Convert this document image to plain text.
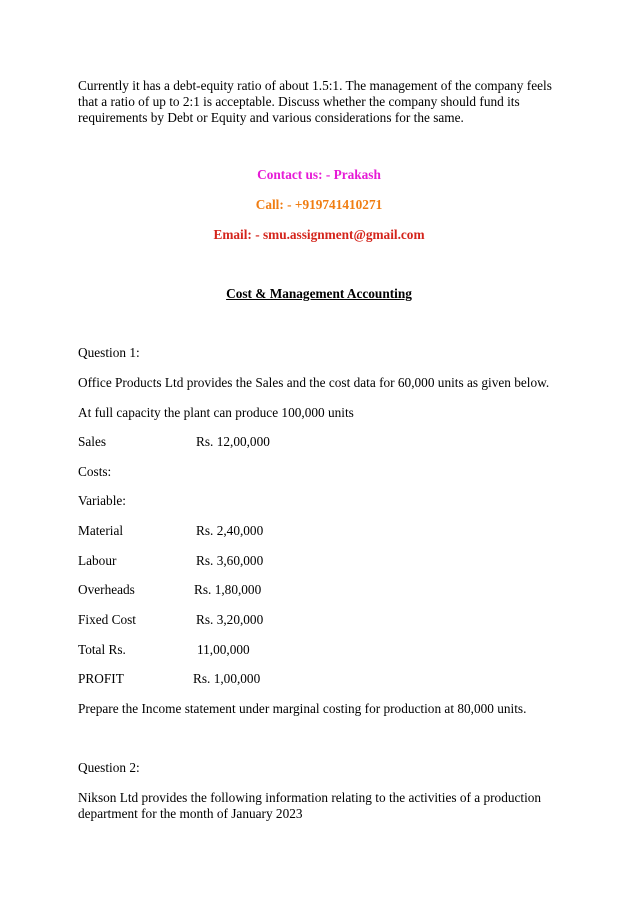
Currently it has a debt-equity ratio of about 1.5:1. The management of the company feels that a ratio of up to 2:1 is acceptable. Discuss whether the company should fund its requirements by Debt or Equity and various considerations for the same.
Contact us: - Prakash
Call: - +919741410271
Email: - smu.assignment@gmail.com
Cost & Management Accounting
Question 1:
Office Products Ltd provides the Sales and the cost data for 60,000 units as given below.
At full capacity the plant can produce 100,000 units
Sales	Rs. 12,00,000
Costs:
Variable:
Material	Rs. 2,40,000
Labour	Rs. 3,60,000
Overheads	Rs. 1,80,000
Fixed Cost	Rs. 3,20,000
Total Rs.	11,00,000
PROFIT	Rs. 1,00,000
Prepare the Income statement under marginal costing for production at 80,000 units.
Question 2:
Nikson Ltd provides the following information relating to the activities of a production department for the month of January 2023
